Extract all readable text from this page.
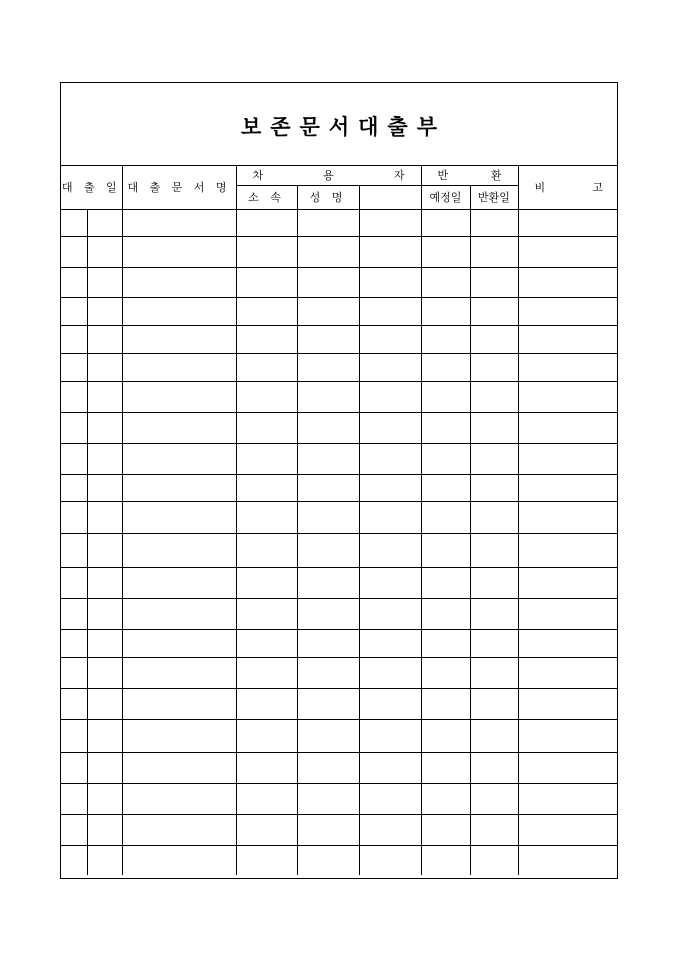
보존문서대출부
대 출 일		대 출 문 서 명	차 용 자			반 환		비 고

			소 속	성 명		예정일	반환일	
